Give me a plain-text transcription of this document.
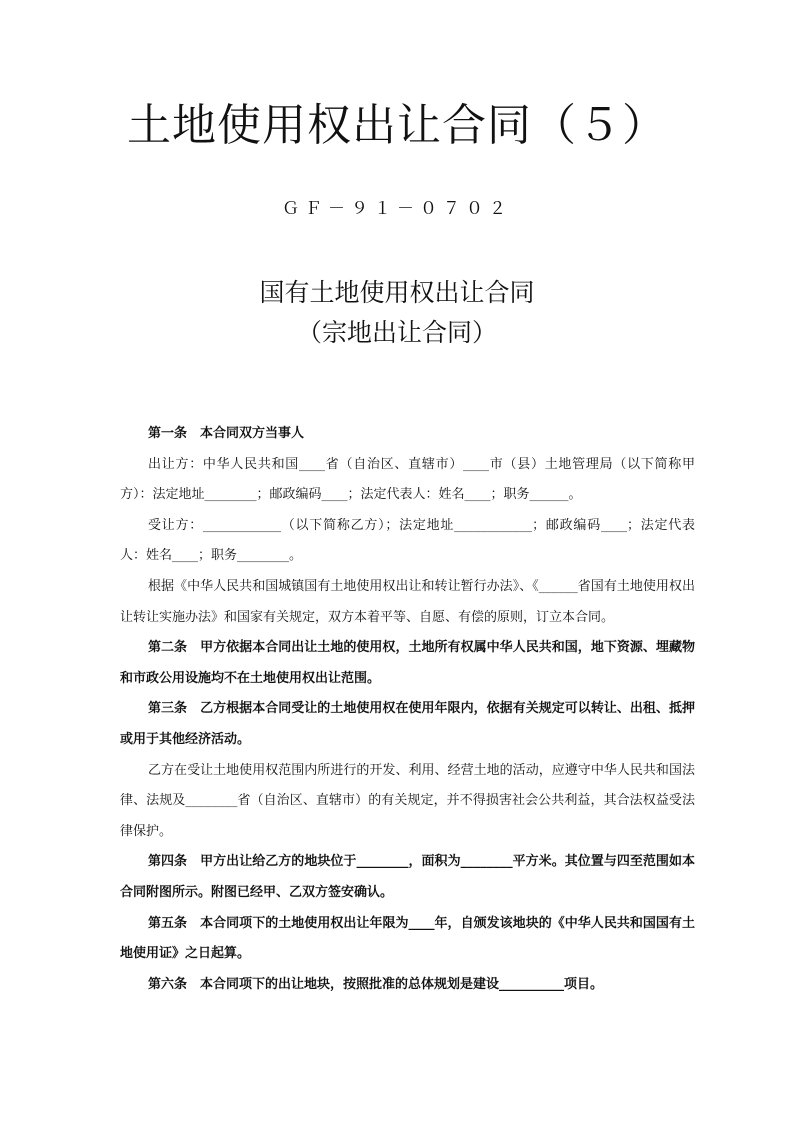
土地使用权出让合同（５）
ＧＦ－９１－０７０２
国有土地使用权出让合同
（宗地出让合同）

第一条　本合同双方当事人

出让方：中华人民共和国____省（自治区、直辖市）____市（县）土地管理局（以下简称甲方）：法定地址________；邮政编码____；法定代表人：姓名____；职务______。

受让方：____________（以下简称乙方）；法定地址____________；邮政编码____；法定代表人：姓名____；职务________。

根据《中华人民共和国城镇国有土地使用权出让和转让暂行办法》、《______省国有土地使用权出让转让实施办法》和国家有关规定，双方本着平等、自愿、有偿的原则，订立本合同。

第二条　甲方依据本合同出让土地的使用权，土地所有权属中华人民共和国，地下资源、埋藏物和市政公用设施均不在土地使用权出让范围。

第三条　乙方根据本合同受让的土地使用权在使用年限内，依据有关规定可以转让、出租、抵押或用于其他经济活动。

乙方在受让土地使用权范围内所进行的开发、利用、经营土地的活动，应遵守中华人民共和国法律、法规及________省（自治区、直辖市）的有关规定，并不得损害社会公共利益，其合法权益受法律保护。

第四条　甲方出让给乙方的地块位于________，面积为________平方米。其位置与四至范围如本合同附图所示。附图已经甲、乙双方签安确认。

第五条　本合同项下的土地使用权出让年限为____年，自颁发该地块的《中华人民共和国国有土地使用证》之日起算。

第六条　本合同项下的出让地块，按照批准的总体规划是建设__________项目。
